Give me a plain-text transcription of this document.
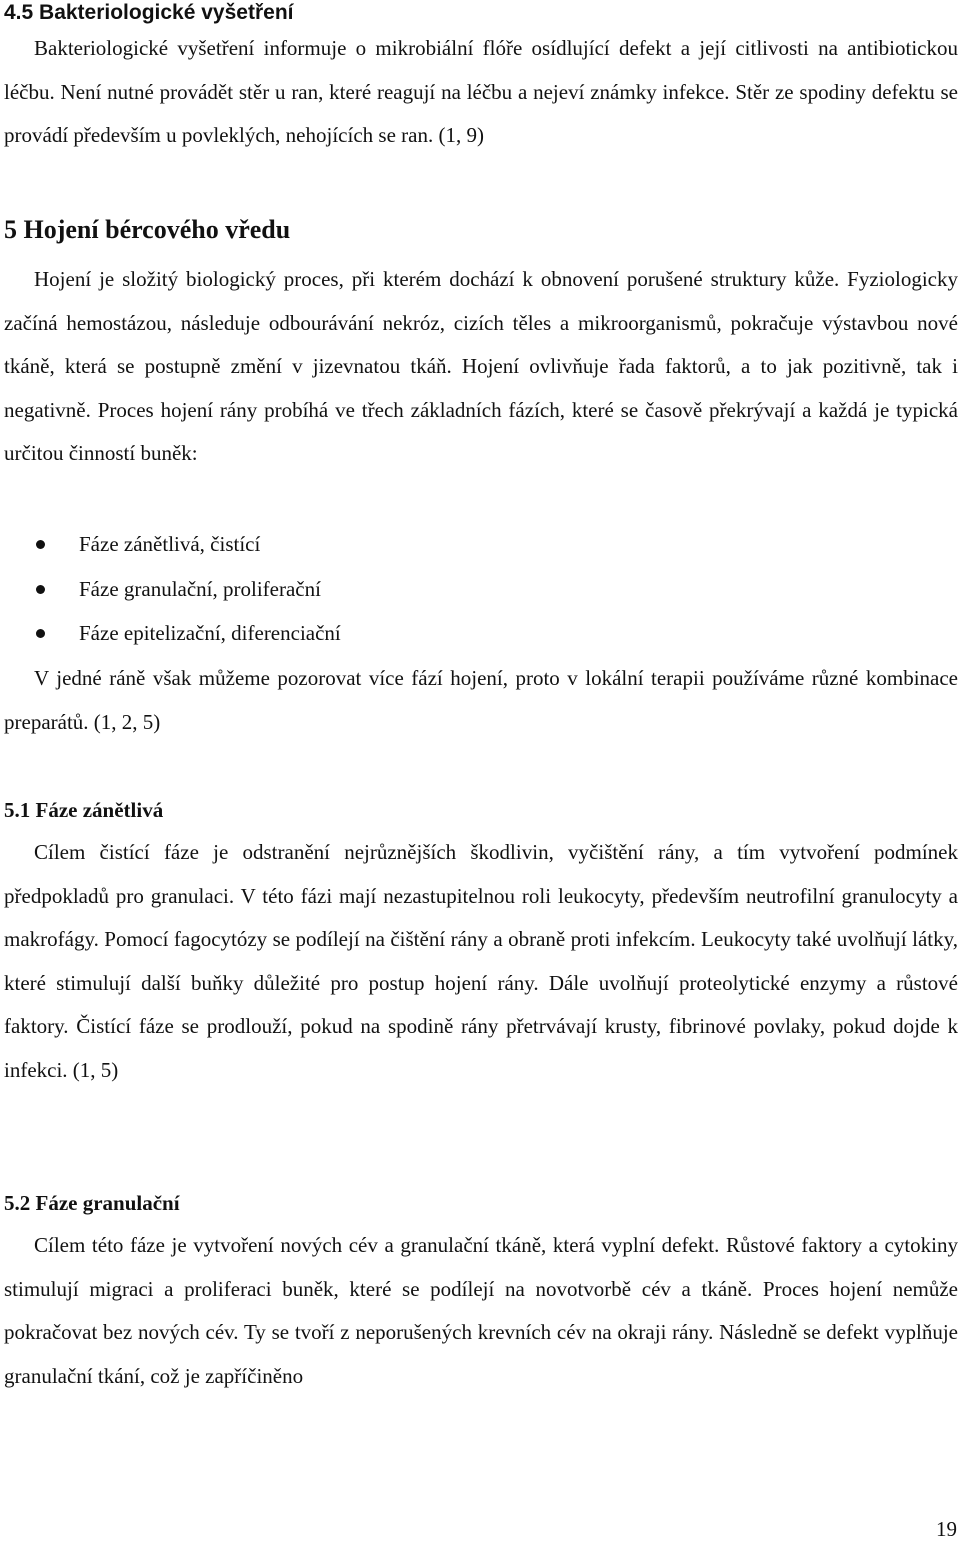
4.5 Bakteriologické vyšetření

Bakteriologické vyšetření informuje o mikrobiální flóře osídlující defekt a její citlivosti na antibiotickou léčbu. Není nutné provádět stěr u ran, které reagují na léčbu a nejeví známky infekce. Stěr ze spodiny defektu se provádí především u povleklých, nehojících se ran. (1, 9)

5 Hojení bércového vředu

Hojení je složitý biologický proces, při kterém dochází k obnovení porušené struktury kůže. Fyziologicky začíná hemostázou, následuje odbourávání nekróz, cizích těles a mikroorganismů, pokračuje výstavbou nové tkáně, která se postupně změní v jizevnatou tkáň. Hojení ovlivňuje řada faktorů, a to jak pozitivně, tak i negativně. Proces hojení rány probíhá ve třech základních fázích, které se časově překrývají a každá je typická určitou činností buněk:

Fáze zánětlivá, čistící
Fáze granulační, proliferační
Fáze epitelizační, diferenciační

V jedné ráně však můžeme pozorovat více fází hojení, proto v lokální terapii používáme různé kombinace preparátů. (1, 2, 5)

5.1 Fáze zánětlivá

Cílem čistící fáze je odstranění nejrůznějších škodlivin, vyčištění rány, a tím vytvoření podmínek předpokladů pro granulaci. V této fázi mají nezastupitelnou roli leukocyty, především neutrofilní granulocyty a makrofágy. Pomocí fagocytózy se podílejí na čištění rány a obraně proti infekcím. Leukocyty také uvolňují látky, které stimulují další buňky důležité pro postup hojení rány. Dále uvolňují proteolytické enzymy a růstové faktory. Čistící fáze se prodlouží, pokud na spodině rány přetrvávají krusty, fibrinové povlaky, pokud dojde k infekci. (1, 5)

5.2 Fáze granulační

Cílem této fáze je vytvoření nových cév a granulační tkáně, která vyplní defekt. Růstové faktory a cytokiny stimulují migraci a proliferaci buněk, které se podílejí na novotvorbě cév a tkáně. Proces hojení nemůže pokračovat bez nových cév. Ty se tvoří z neporušených krevních cév na okraji rány. Následně se defekt vyplňuje granulační tkání, což je zapříčiněno

19
